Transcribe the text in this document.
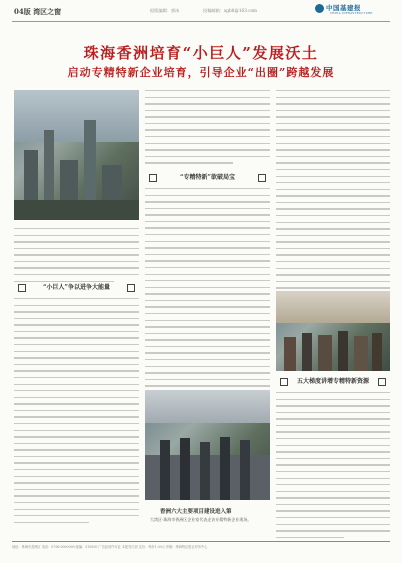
04版 湾区之窗	组版编辑：郭冰	投稿邮箱：xgblt@163.com	中国基建报
CHINA INFRASTRUCTURE
珠海香洲培育“小巨人”发展沃土
启动专精特新企业培育，引导企业“出圈”跨越发展
“小巨人”争以进争大能量
“专精特新”欲破局宝
五大梯度讲增专精特新资源
香洲六大主要项目建设进入第
大湾区·珠海市香洲区企业家代表走访专精特新企业现场。
地址：珠海市香洲区 电话：0756-0000000 邮编：519000 广告经营许可证 本报发行部 定价：每份1.00元 印刷：珠海特区报社印务中心
